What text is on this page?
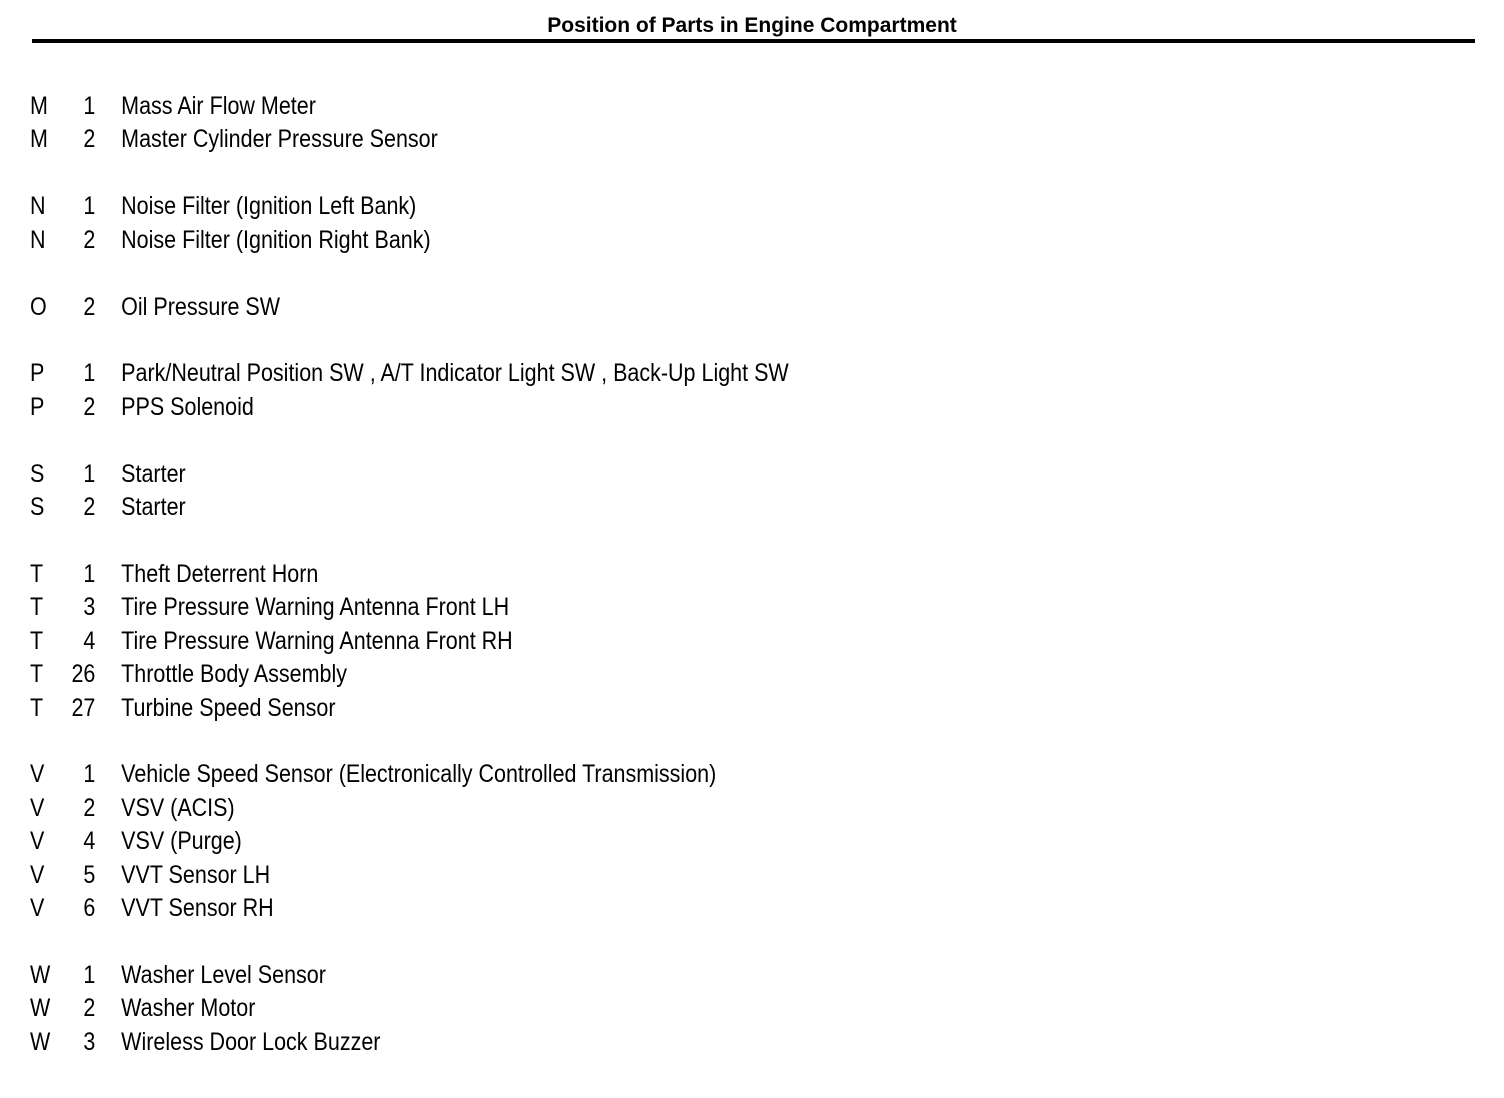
Position of Parts in Engine Compartment
M	1 Mass Air Flow Meter
M	2 Master Cylinder Pressure Sensor
N	1 Noise Filter (Ignition Left Bank)
N	2 Noise Filter (Ignition Right Bank)
O	2 Oil Pressure SW
P	1 Park/Neutral Position SW , A/T Indicator Light SW , Back-Up Light SW
P	2 PPS Solenoid
S	1 Starter
S	2 Starter
T	1 Theft Deterrent Horn
T	3 Tire Pressure Warning Antenna Front LH
T	4 Tire Pressure Warning Antenna Front RH
T	26 Throttle Body Assembly
T	27 Turbine Speed Sensor
V	1 Vehicle Speed Sensor (Electronically Controlled Transmission)
V	2 VSV (ACIS)
V	4 VSV (Purge)
V	5 VVT Sensor LH
V	6 VVT Sensor RH
W	1 Washer Level Sensor
W	2 Washer Motor
W	3 Wireless Door Lock Buzzer
